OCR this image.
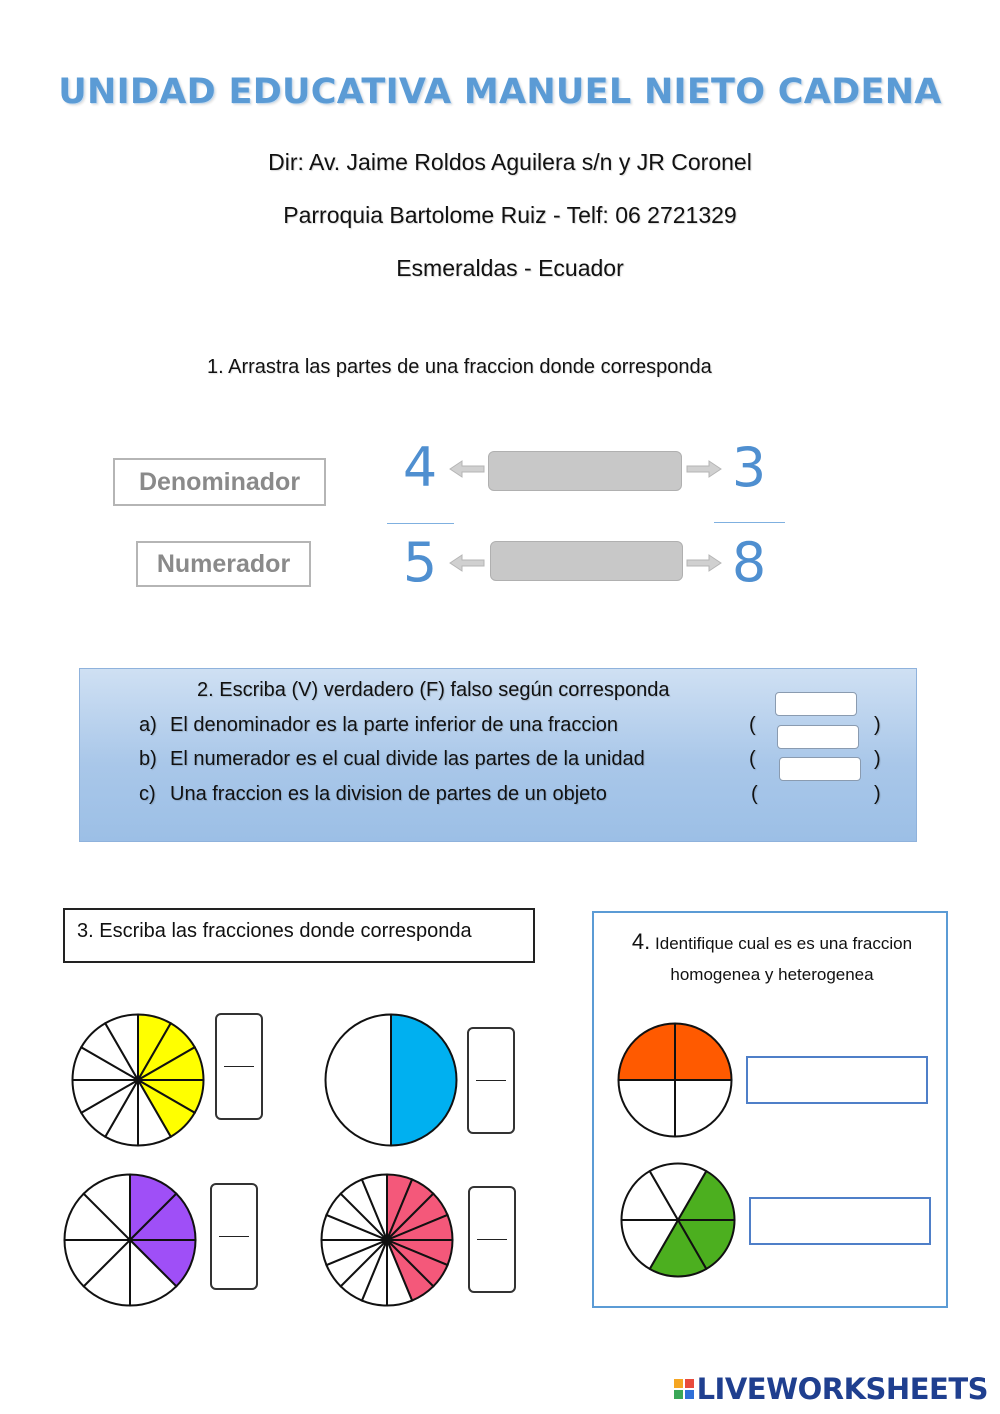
UNIDAD EDUCATIVA MANUEL NIETO CADENA
Dir: Av. Jaime Roldos Aguilera s/n y JR Coronel
Parroquia Bartolome Ruiz - Telf: 06 2721329
Esmeraldas - Ecuador
1. Arrastra las partes de una fraccion donde corresponda
Denominador
Numerador
4
5
3
8
2. Escriba (V) verdadero (F) falso según corresponda
a) El denominador es la parte inferior de una fraccion
b) El numerador es el cual divide las partes de la unidad
c) Una fraccion es la division de partes de un objeto
(	)
(	)
(	)
3. Escriba las fracciones donde corresponda	4. Identifique cual es es una fraccion
homogenea y heterogenea
LIVEWORKSHEETS
